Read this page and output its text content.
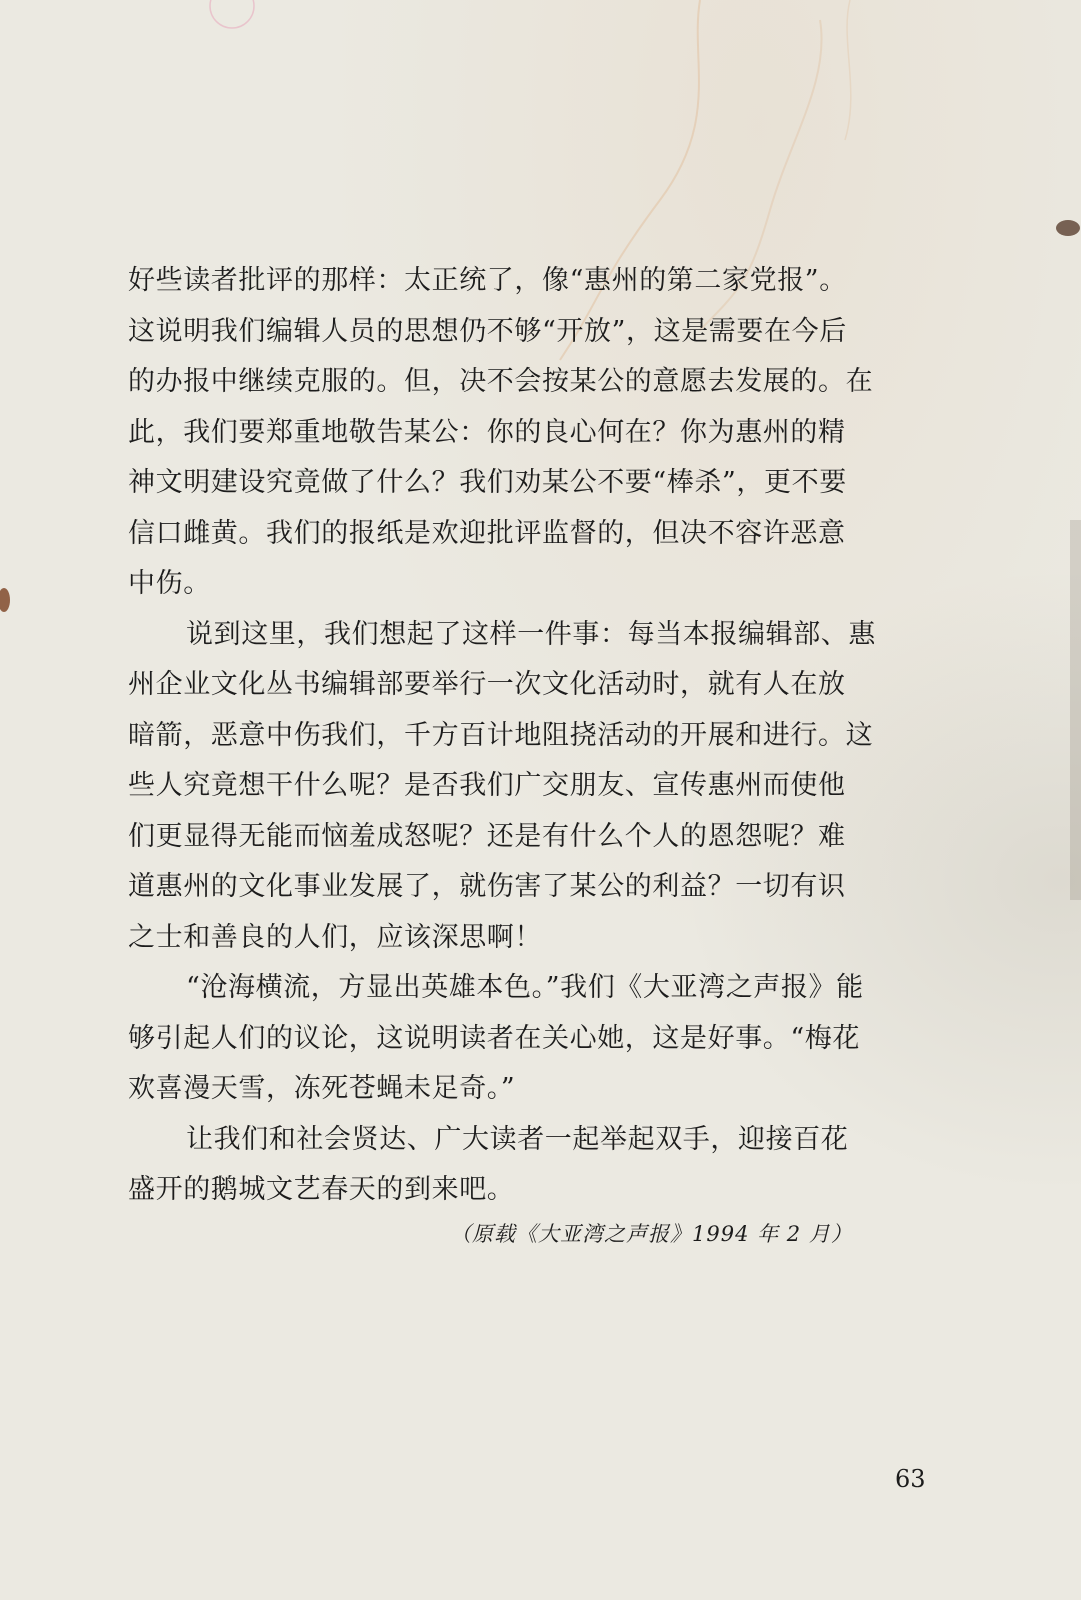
好些读者批评的那样：太正统了，像“惠州的第二家党报”。
这说明我们编辑人员的思想仍不够“开放”，这是需要在今后
的办报中继续克服的。但，决不会按某公的意愿去发展的。在
此，我们要郑重地敬告某公：你的良心何在？你为惠州的精
神文明建设究竟做了什么？我们劝某公不要“棒杀”，更不要
信口雌黄。我们的报纸是欢迎批评监督的，但决不容许恶意
中伤。
说到这里，我们想起了这样一件事：每当本报编辑部、惠
州企业文化丛书编辑部要举行一次文化活动时，就有人在放
暗箭，恶意中伤我们，千方百计地阻挠活动的开展和进行。这
些人究竟想干什么呢？是否我们广交朋友、宣传惠州而使他
们更显得无能而恼羞成怒呢？还是有什么个人的恩怨呢？难
道惠州的文化事业发展了，就伤害了某公的利益？一切有识
之士和善良的人们，应该深思啊！
“沧海横流，方显出英雄本色。”我们《大亚湾之声报》能
够引起人们的议论，这说明读者在关心她，这是好事。“梅花
欢喜漫天雪，冻死苍蝇未足奇。”
让我们和社会贤达、广大读者一起举起双手，迎接百花
盛开的鹅城文艺春天的到来吧。
（原载《大亚湾之声报》1994 年 2 月）
63
